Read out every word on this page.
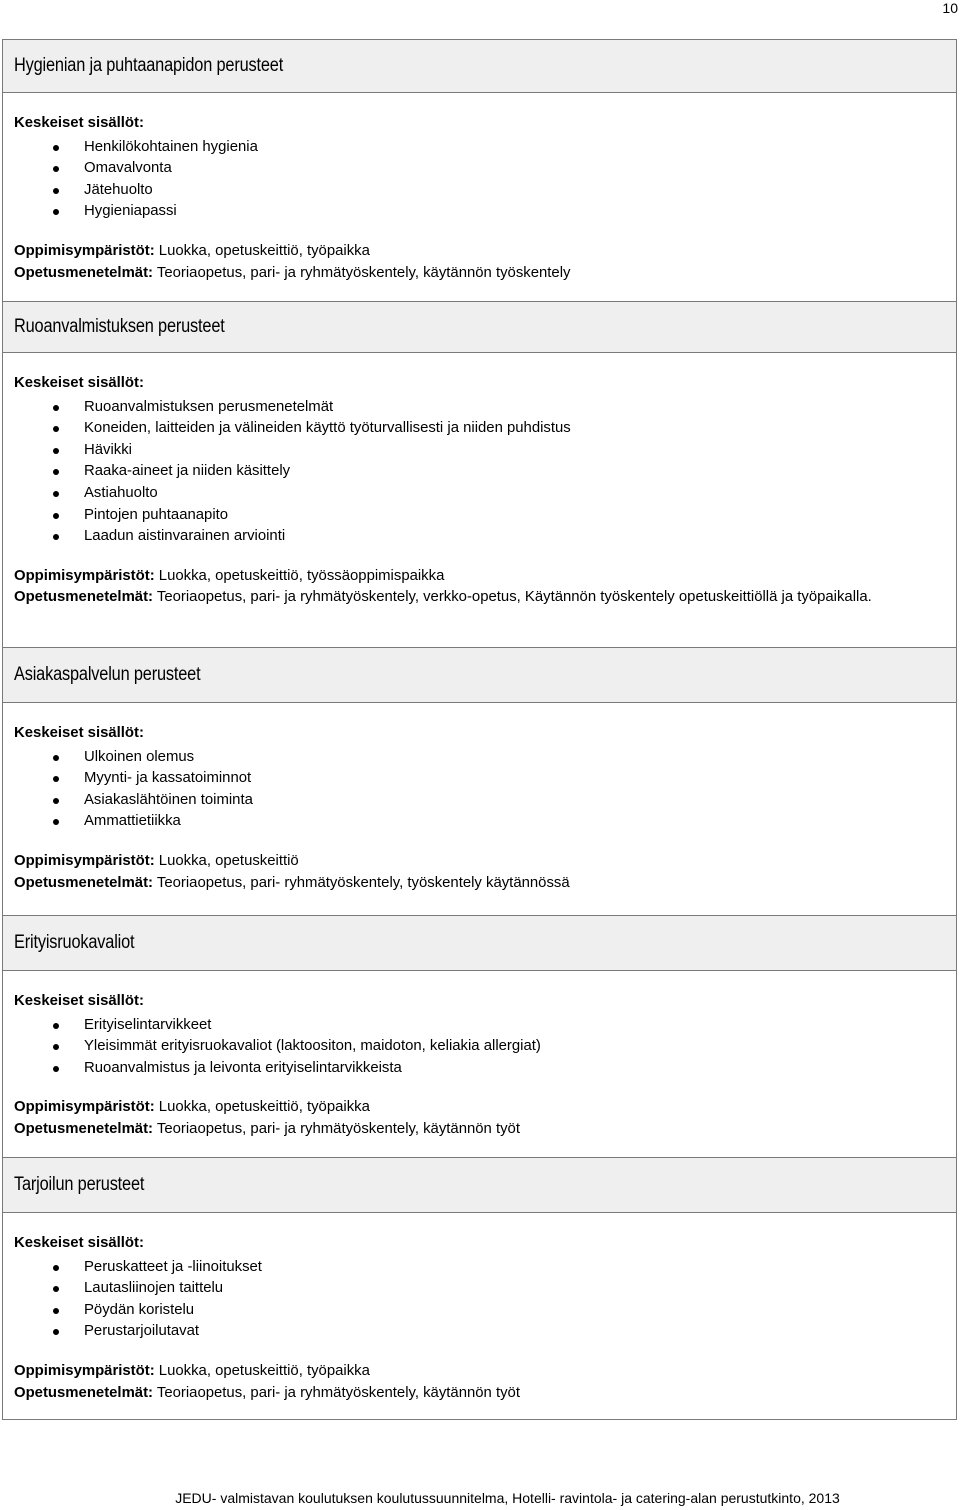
10
Hygienian ja puhtaanapidon perusteet
Keskeiset sisällöt:
Henkilökohtainen hygienia
Omavalvonta
Jätehuolto
Hygieniapassi
Oppimisympäristöt: Luokka, opetuskeittiö, työpaikka
Opetusmenetelmät: Teoriaopetus, pari- ja ryhmätyöskentely, käytännön työskentely
Ruoanvalmistuksen perusteet
Keskeiset sisällöt:
Ruoanvalmistuksen perusmenetelmät
Koneiden, laitteiden ja välineiden käyttö työturvallisesti ja niiden puhdistus
Hävikki
Raaka-aineet ja niiden käsittely
Astiahuolto
Pintojen puhtaanapito
Laadun aistinvarainen arviointi
Oppimisympäristöt: Luokka, opetuskeittiö, työssäoppimispaikka
Opetusmenetelmät: Teoriaopetus, pari- ja ryhmätyöskentely, verkko-opetus, Käytännön työskentely opetuskeittiöllä ja työpaikalla.
Asiakaspalvelun perusteet
Keskeiset sisällöt:
Ulkoinen olemus
Myynti- ja kassatoiminnot
Asiakaslähtöinen toiminta
Ammattietiikka
Oppimisympäristöt: Luokka, opetuskeittiö
Opetusmenetelmät: Teoriaopetus, pari- ryhmätyöskentely, työskentely käytännössä
Erityisruokavaliot
Keskeiset sisällöt:
Erityiselintarvikkeet
Yleisimmät erityisruokavaliot (laktoositon, maidoton, keliakia allergiat)
Ruoanvalmistus ja leivonta erityiselintarvikkeista
Oppimisympäristöt: Luokka, opetuskeittiö, työpaikka
Opetusmenetelmät: Teoriaopetus, pari- ja ryhmätyöskentely, käytännön työt
Tarjoilun perusteet
Keskeiset sisällöt:
Peruskatteet ja -liinoitukset
Lautasliinojen taittelu
Pöydän koristelu
Perustarjoilutavat
Oppimisympäristöt: Luokka, opetuskeittiö, työpaikka
Opetusmenetelmät: Teoriaopetus, pari- ja ryhmätyöskentely, käytännön työt
JEDU- valmistavan koulutuksen koulutussuunnitelma, Hotelli- ravintola- ja catering-alan perustutkinto, 2013
